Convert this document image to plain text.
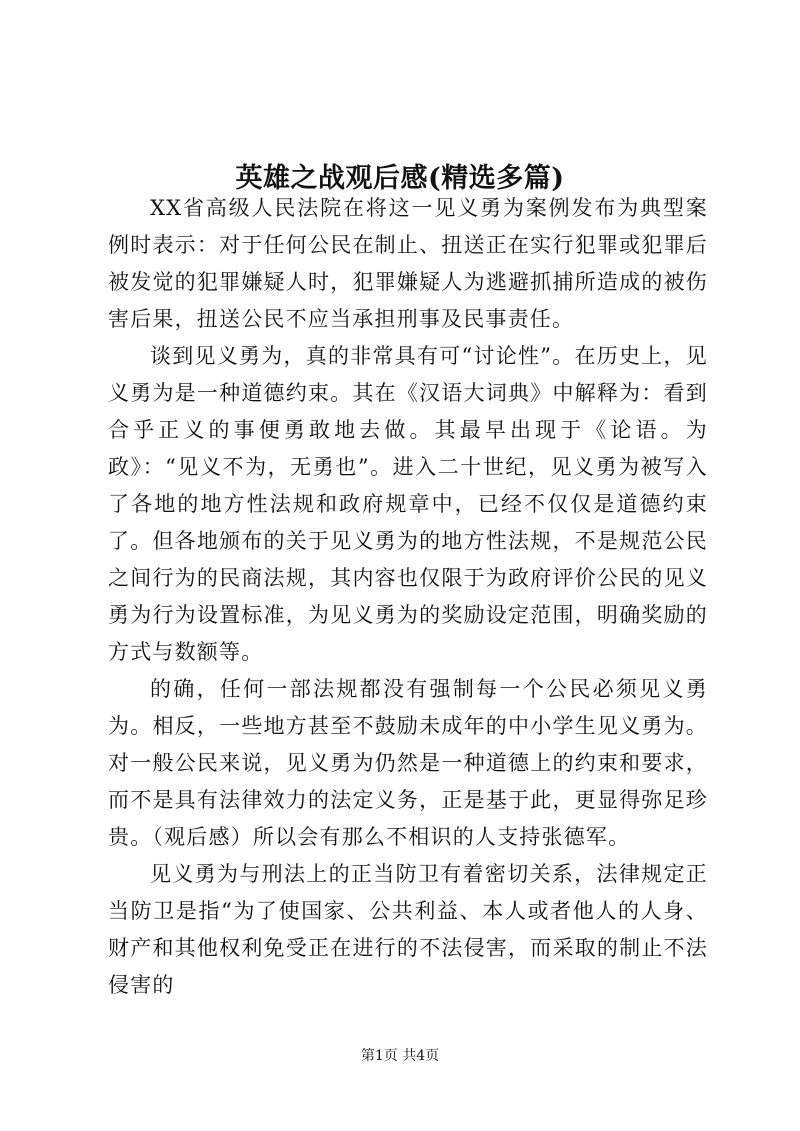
英雄之战观后感(精选多篇)

XX省高级人民法院在将这一见义勇为案例发布为典型案例时表示：对于任何公民在制止、扭送正在实行犯罪或犯罪后被发觉的犯罪嫌疑人时，犯罪嫌疑人为逃避抓捕所造成的被伤害后果，扭送公民不应当承担刑事及民事责任。

谈到见义勇为，真的非常具有可“讨论性”。在历史上，见义勇为是一种道德约束。其在《汉语大词典》中解释为：看到合乎正义的事便勇敢地去做。其最早出现于《论语。为政》：“见义不为，无勇也”。进入二十世纪，见义勇为被写入了各地的地方性法规和政府规章中，已经不仅仅是道德约束了。但各地颁布的关于见义勇为的地方性法规，不是规范公民之间行为的民商法规，其内容也仅限于为政府评价公民的见义勇为行为设置标准，为见义勇为的奖励设定范围，明确奖励的方式与数额等。

的确，任何一部法规都没有强制每一个公民必须见义勇为。相反，一些地方甚至不鼓励未成年的中小学生见义勇为。对一般公民来说，见义勇为仍然是一种道德上的约束和要求，而不是具有法律效力的法定义务，正是基于此，更显得弥足珍贵。（观后感）所以会有那么不相识的人支持张德军。

见义勇为与刑法上的正当防卫有着密切关系，法律规定正当防卫是指“为了使国家、公共利益、本人或者他人的人身、财产和其他权利免受正在进行的不法侵害，而采取的制止不法侵害的

第1页 共4页
